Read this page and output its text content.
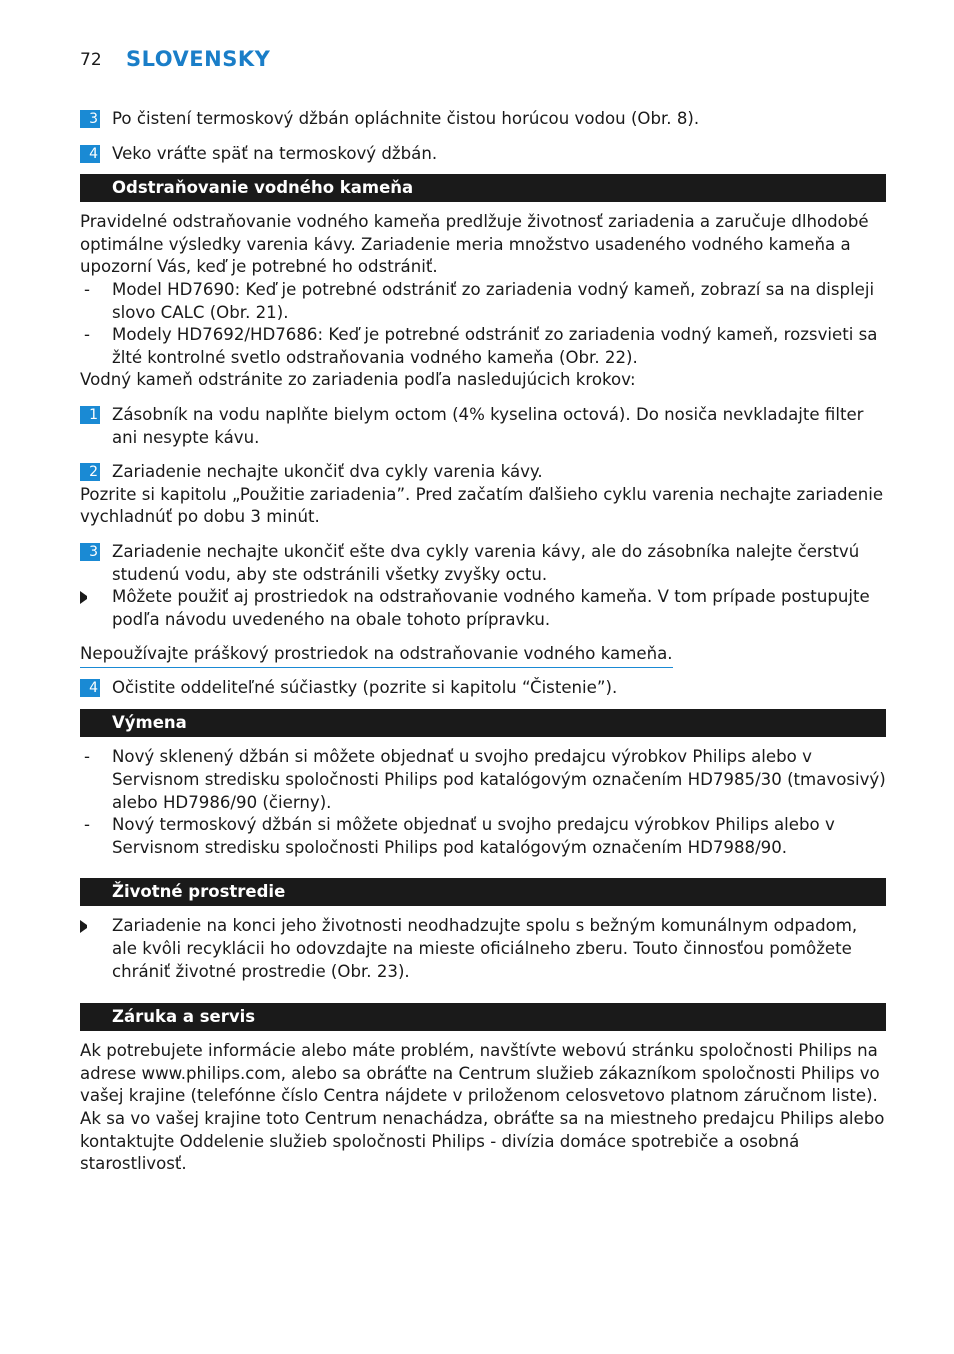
72 SLOVENSKY
3 Po čistení termoskový džbán opláchnite čistou horúcou vodou (Obr. 8).
4 Veko vráťte späť na termoskový džbán.
Odstraňovanie vodného kameňa
Pravidelné odstraňovanie vodného kameňa predlžuje životnosť zariadenia a zaručuje dlhodobé optimálne výsledky varenia kávy. Zariadenie meria množstvo usadeného vodného kameňa a upozorní Vás, keď je potrebné ho odstrániť.
-	Model HD7690: Keď je potrebné odstrániť zo zariadenia vodný kameň, zobrazí sa na displeji slovo CALC (Obr. 21).
-	Modely HD7692/HD7686: Keď je potrebné odstrániť zo zariadenia vodný kameň, rozsvieti sa žlté kontrolné svetlo odstraňovania vodného kameňa (Obr. 22).
Vodný kameň odstránite zo zariadenia podľa nasledujúcich krokov:
1 Zásobník na vodu naplňte bielym octom (4% kyselina octová). Do nosiča nevkladajte filter ani nesypte kávu.
2 Zariadenie nechajte ukončiť dva cykly varenia kávy.
Pozrite si kapitolu „Použitie zariadenia”. Pred začatím ďalšieho cyklu varenia nechajte zariadenie vychladnúť po dobu 3 minút.
3 Zariadenie nechajte ukončiť ešte dva cykly varenia kávy, ale do zásobníka nalejte čerstvú studenú vodu, aby ste odstránili všetky zvyšky octu.
Môžete použiť aj prostriedok na odstraňovanie vodného kameňa. V tom prípade postupujte podľa návodu uvedeného na obale tohoto prípravku.
Nepoužívajte práškový prostriedok na odstraňovanie vodného kameňa.
4 Očistite oddeliteľné súčiastky (pozrite si kapitolu “Čistenie”).
Výmena
-	Nový sklenený džbán si môžete objednať u svojho predajcu výrobkov Philips alebo v Servisnom stredisku spoločnosti Philips pod katalógovým označením HD7985/30 (tmavosivý) alebo HD7986/90 (čierny).
-	Nový termoskový džbán si môžete objednať u svojho predajcu výrobkov Philips alebo v Servisnom stredisku spoločnosti Philips pod katalógovým označením HD7988/90.
Životné prostredie
Zariadenie na konci jeho životnosti neodhadzujte spolu s bežným komunálnym odpadom, ale kvôli recyklácii ho odovzdajte na mieste oficiálneho zberu. Touto činnosťou pomôžete chrániť životné prostredie (Obr. 23).
Záruka a servis
Ak potrebujete informácie alebo máte problém, navštívte webovú stránku spoločnosti Philips na adrese www.philips.com, alebo sa obráťte na Centrum služieb zákazníkom spoločnosti Philips vo vašej krajine (telefónne číslo Centra nájdete v priloženom celosvetovo platnom záručnom liste). Ak sa vo vašej krajine toto Centrum nenachádza, obráťte sa na miestneho predajcu Philips alebo kontaktujte Oddelenie služieb spoločnosti Philips - divízia domáce spotrebiče a osobná starostlivosť.
